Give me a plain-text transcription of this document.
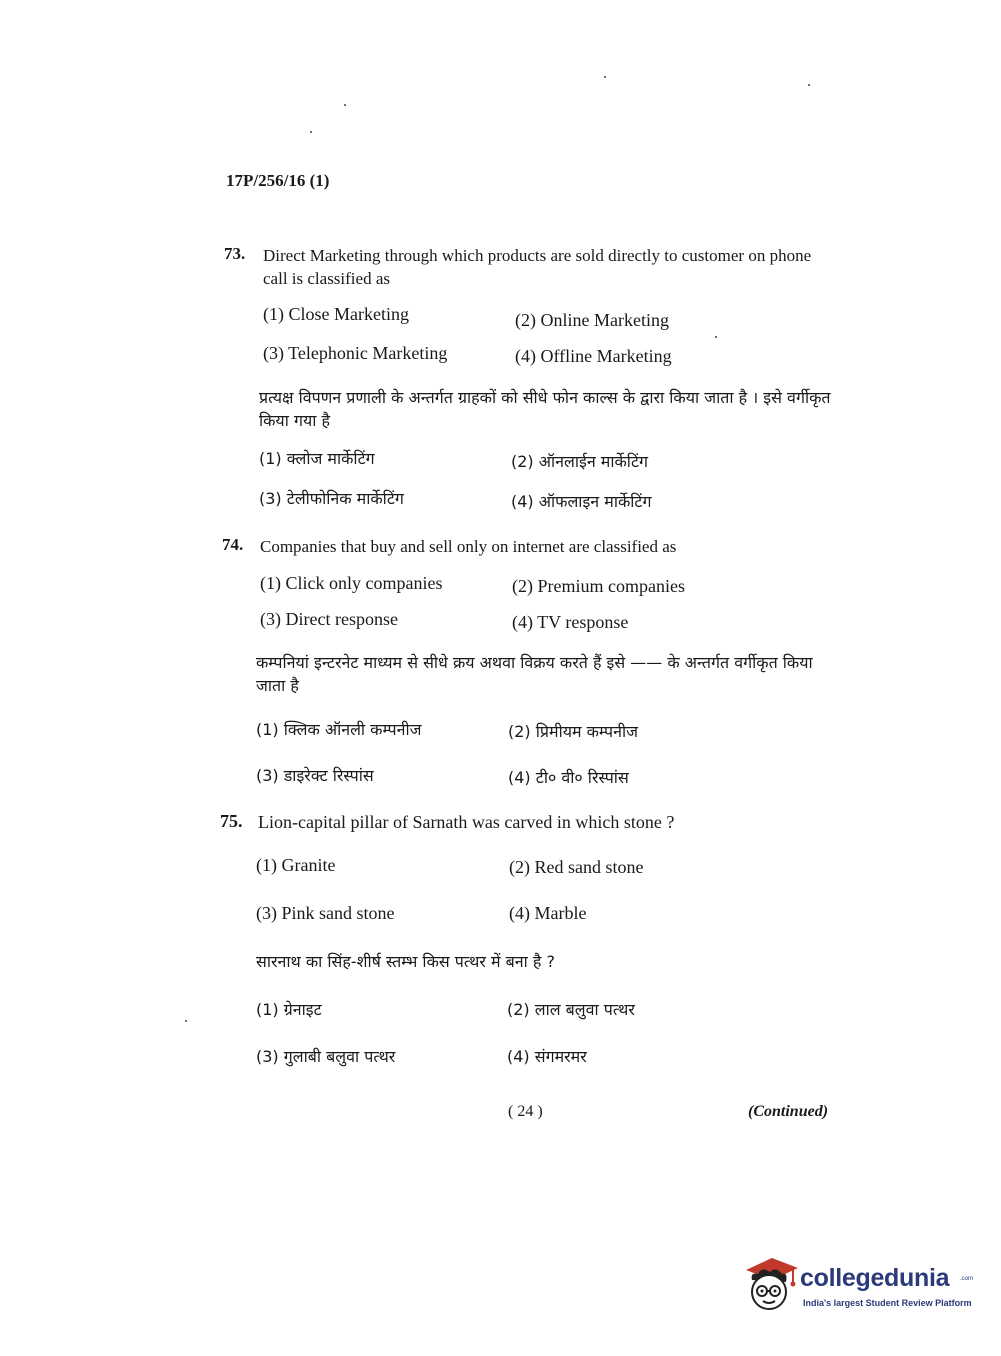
17P/256/16 (1)
73. Direct Marketing through which products are sold directly to customer on phone call is classified as
(1) Close Marketing	(2) Online Marketing
(3) Telephonic Marketing	(4) Offline Marketing
प्रत्यक्ष विपणन प्रणाली के अन्तर्गत ग्राहकों को सीधे फोन काल्स के द्वारा किया जाता है । इसे वर्गीकृत किया गया है
(1) क्लोज मार्केटिंग	(2) ऑनलाईन मार्केटिंग
(3) टेलीफोनिक मार्केटिंग	(4) ऑफलाइन मार्केटिंग
74. Companies that buy and sell only on internet are classified as
(1) Click only companies	(2) Premium companies
(3) Direct response	(4) TV response
कम्पनियां इन्टरनेट माध्यम से सीधे क्रय अथवा विक्रय करते हैं इसे —— के अन्तर्गत वर्गीकृत किया जाता है
(1) क्लिक ऑनली कम्पनीज	(2) प्रिमीयम कम्पनीज
(3) डाइरेक्ट रिस्पांस	(4) टी० वी० रिस्पांस
75. Lion-capital pillar of Sarnath was carved in which stone ?
(1) Granite	(2) Red sand stone
(3) Pink sand stone	(4) Marble
सारनाथ का सिंह-शीर्ष स्तम्भ किस पत्थर में बना है ?
(1) ग्रेनाइट	(2) लाल बलुवा पत्थर
(3) गुलाबी बलुवा पत्थर	(4) संगमरमर
( 24 )	(Continued)
collegedunia .com
India's largest Student Review Platform
